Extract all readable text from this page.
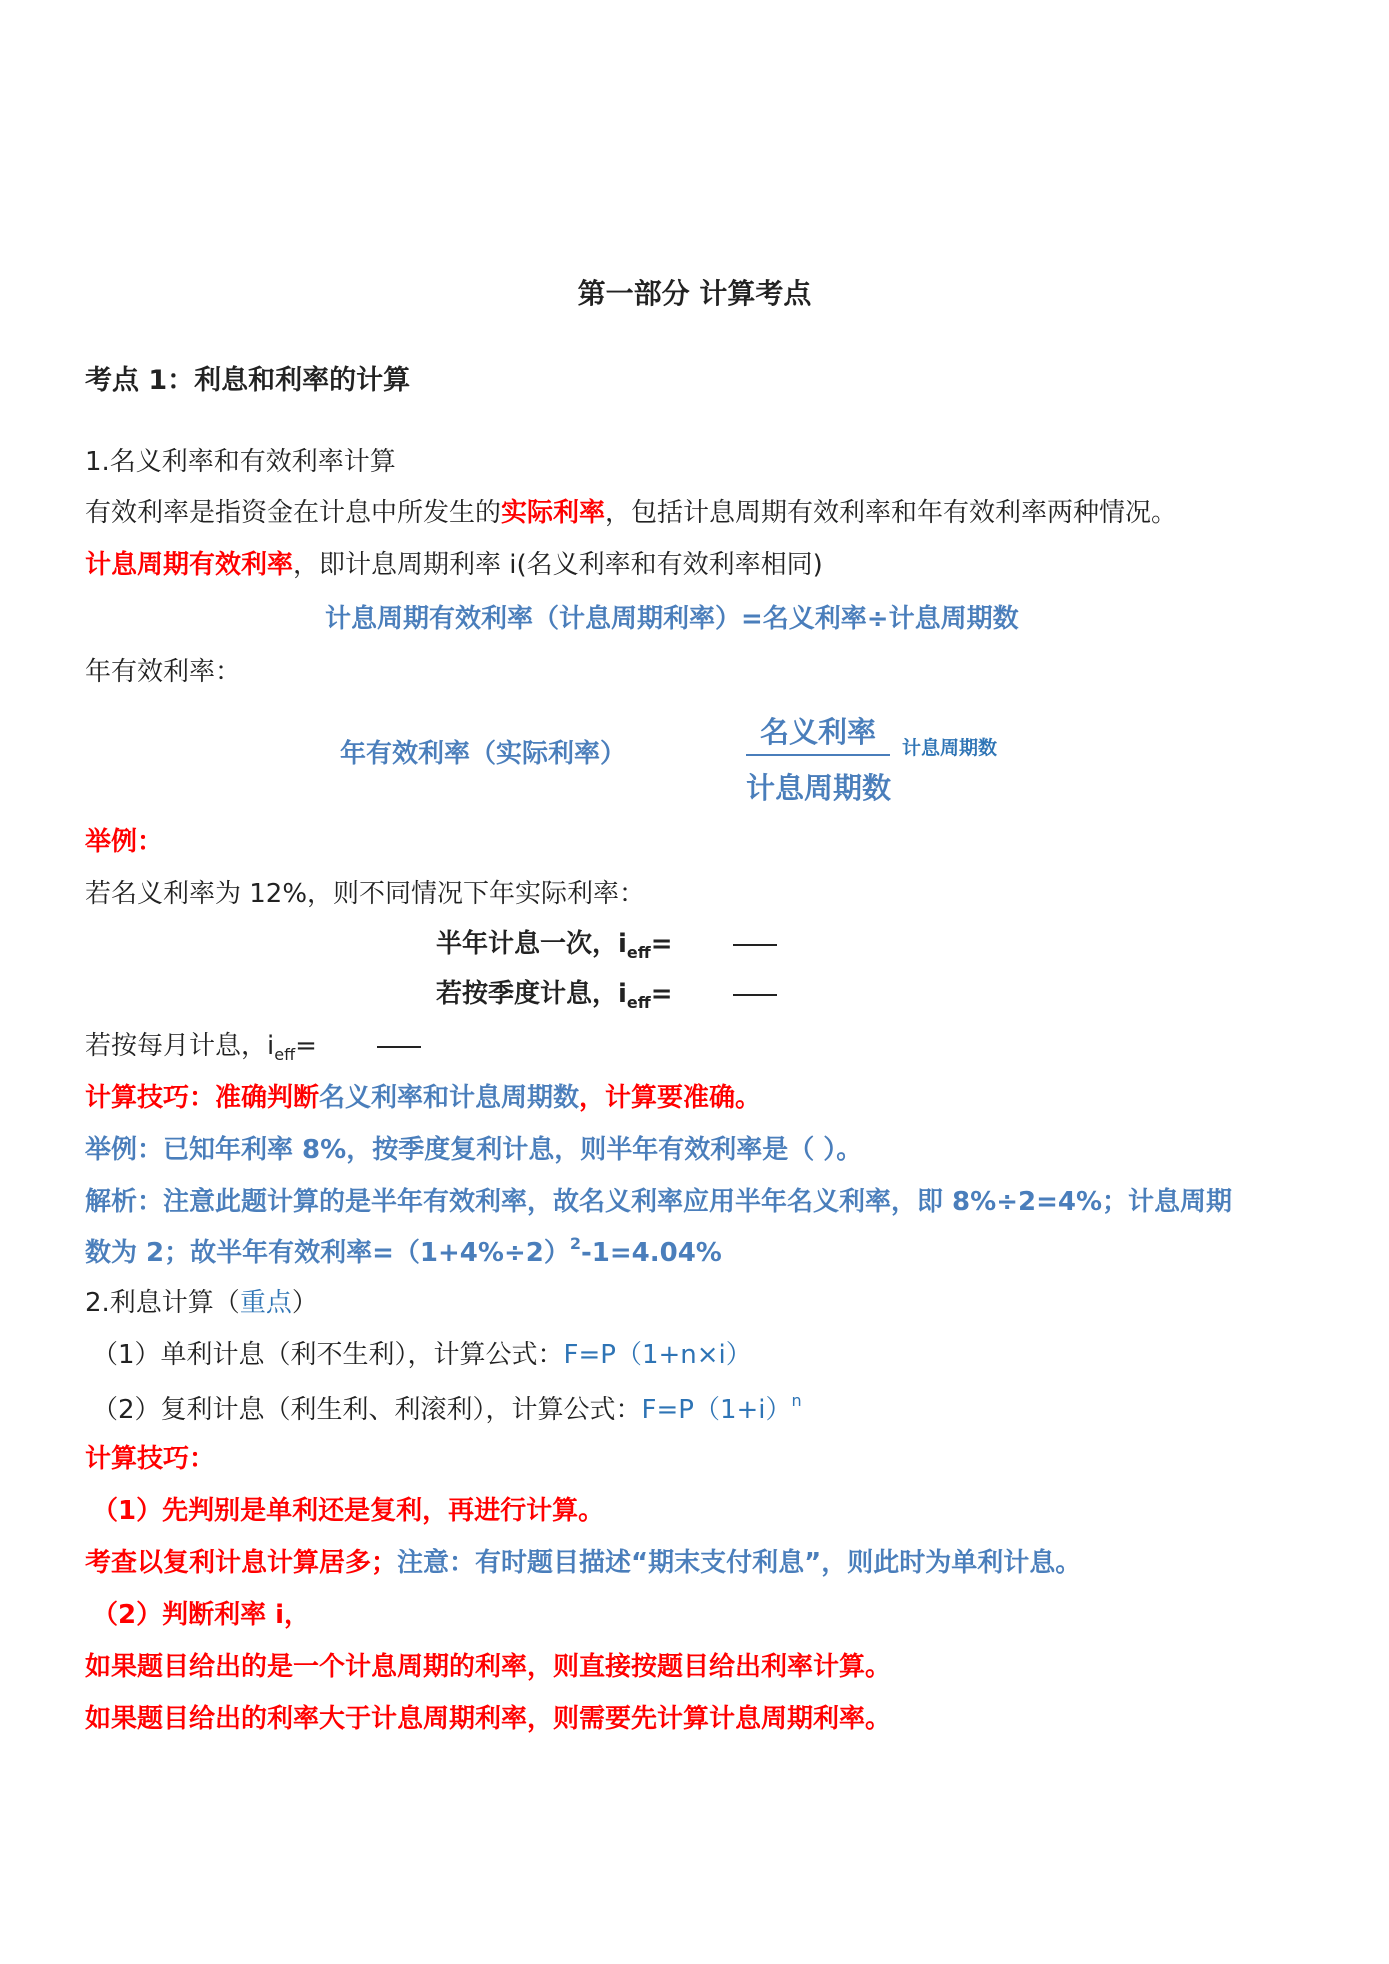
第一部分 计算考点
考点 1：利息和利率的计算
1.名义利率和有效利率计算
有效利率是指资金在计息中所发生的实际利率，包括计息周期有效利率和年有效利率两种情况。
计息周期有效利率，即计息周期利率 i(名义利率和有效利率相同)
计息周期有效利率（计息周期利率）=名义利率÷计息周期数
年有效利率：
年有效利率（实际利率）
名义利率
计息周期数
计息周期数
举例：
若名义利率为 12%，则不同情况下年实际利率：
半年计息一次，$i_{eff}=$
若按季度计息，$i_{eff}=$
若按每月计息，$i_{eff}=$
计算技巧：准确判断名义利率和计息周期数，计算要准确。
举例：已知年利率 8%，按季度复利计息，则半年有效利率是（ ）。
解析：注意此题计算的是半年有效利率，故名义利率应用半年名义利率，即 8%÷2=4%；计息周期
数为 2；故半年有效利率$=(1+4\%\div 2)^2-1=4.04\%$
2.利息计算（重点）
（1）单利计息（利不生利），计算公式：F=P（1+n×i）
（2）复利计息（利生利、利滚利），计算公式：$F=P(1+i)^n$
计算技巧：
（1）先判别是单利还是复利，再进行计算。
考查以复利计息计算居多；注意：有时题目描述“期末支付利息”，则此时为单利计息。
（2）判断利率 i，
如果题目给出的是一个计息周期的利率，则直接按题目给出利率计算。
如果题目给出的利率大于计息周期利率，则需要先计算计息周期利率。
